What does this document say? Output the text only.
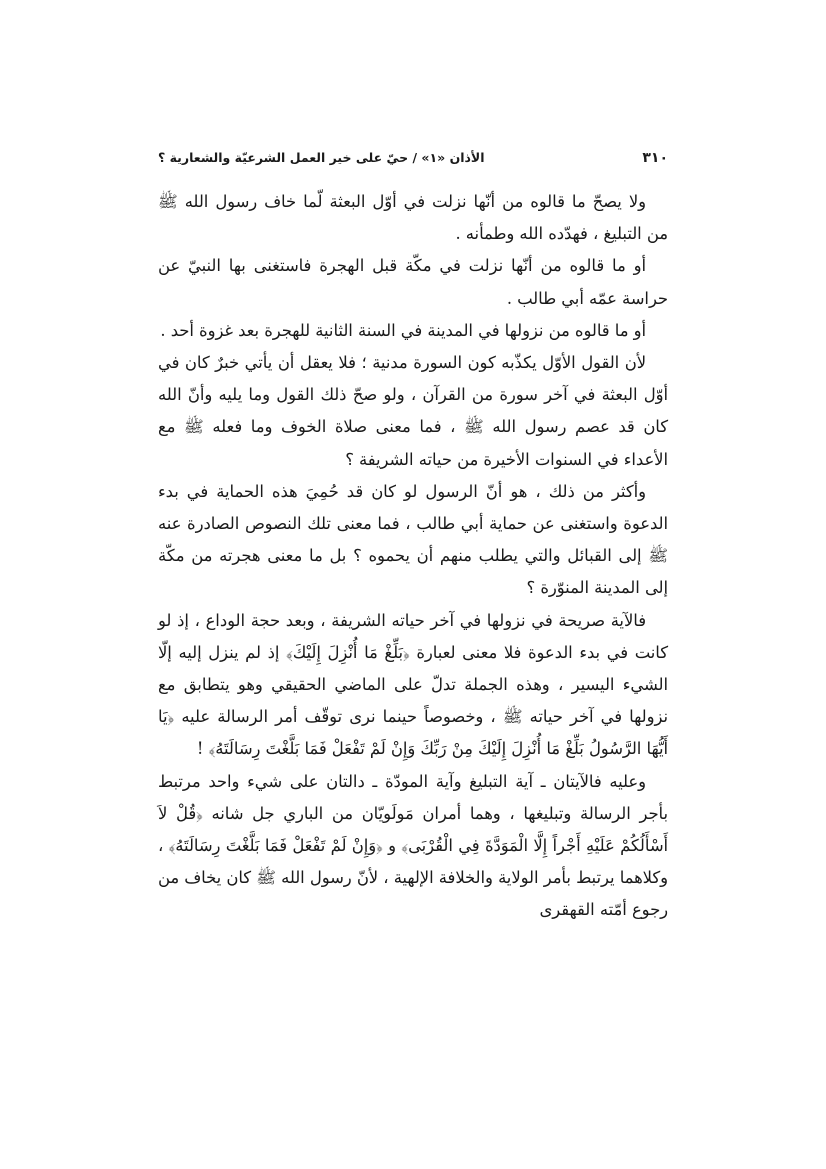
٣١٠
الأذان «١» / حيّ على خير العمل الشرعيّة والشعارية ؟

ولا يصحّ ما قالوه من أنّها نزلت في أوّل البعثة لّما خاف رسول الله ﷺ من التبليغ ، فهدّده الله وطمأنه .

أو ما قالوه من أنّها نزلت في مكّة قبل الهجرة فاستغنى بها النبيّ عن حراسة عمّه أبي طالب .

أو ما قالوه من نزولها في المدينة في السنة الثانية للهجرة بعد غزوة أحد .

لأن القول الأوّل يكذّبه كون السورة مدنية ؛ فلا يعقل أن يأتي خبرٌ كان في أوّل البعثة في آخر سورة من القرآن ، ولو صحّ ذلك القول وما يليه وأنّ الله كان قد عصم رسول الله ﷺ ، فما معنى صلاة الخوف وما فعله ﷺ مع الأعداء في السنوات الأخيرة من حياته الشريفة ؟

وأكثر من ذلك ، هو أنّ الرسول لو كان قد حُمِيَ هذه الحماية في بدء الدعوة واستغنى عن حماية أبي طالب ، فما معنى تلك النصوص الصادرة عنه ﷺ إلى القبائل والتي يطلب منهم أن يحموه ؟ بل ما معنى هجرته من مكّة إلى المدينة المنوّرة ؟

فالآية صريحة في نزولها في آخر حياته الشريفة ، وبعد حجة الوداع ، إذ لو كانت في بدء الدعوة فلا معنى لعبارة ﴿بَلِّغْ مَا أُنْزِلَ إِلَيْكَ﴾ إذ لم ينزل إليه إلّا الشيء اليسير ، وهذه الجملة تدلّ على الماضي الحقيقي وهو يتطابق مع نزولها في آخر حياته ﷺ ، وخصوصاً حينما نرى توقّف أمر الرسالة عليه ﴿يَا أَيُّهَا الرَّسُولُ بَلِّغْ مَا أُنْزِلَ إِلَيْكَ مِنْ رَبِّكَ وَإِنْ لَمْ تَفْعَلْ فَمَا بَلَّغْتَ رِسَالَتَهُ﴾ !

وعليه فالآيتان ـ آية التبليغ وآية المودّة ـ دالتان على شيء واحد مرتبط بأجر الرسالة وتبليغها ، وهما أمران مَولَويّان من الباري جل شانه ﴿قُلْ لاَ أَسْأَلُكُمْ عَلَيْهِ أَجْراً إِلَّا الْمَوَدَّةَ فِي الْقُرْبَى﴾ و ﴿وَإِنْ لَمْ تَفْعَلْ فَمَا بَلَّغْتَ رِسَالَتَهُ﴾ ، وكلاهما يرتبط بأمر الولاية والخلافة الإلهية ، لأنّ رسول الله ﷺ كان يخاف من رجوع أمّته القهقرى
